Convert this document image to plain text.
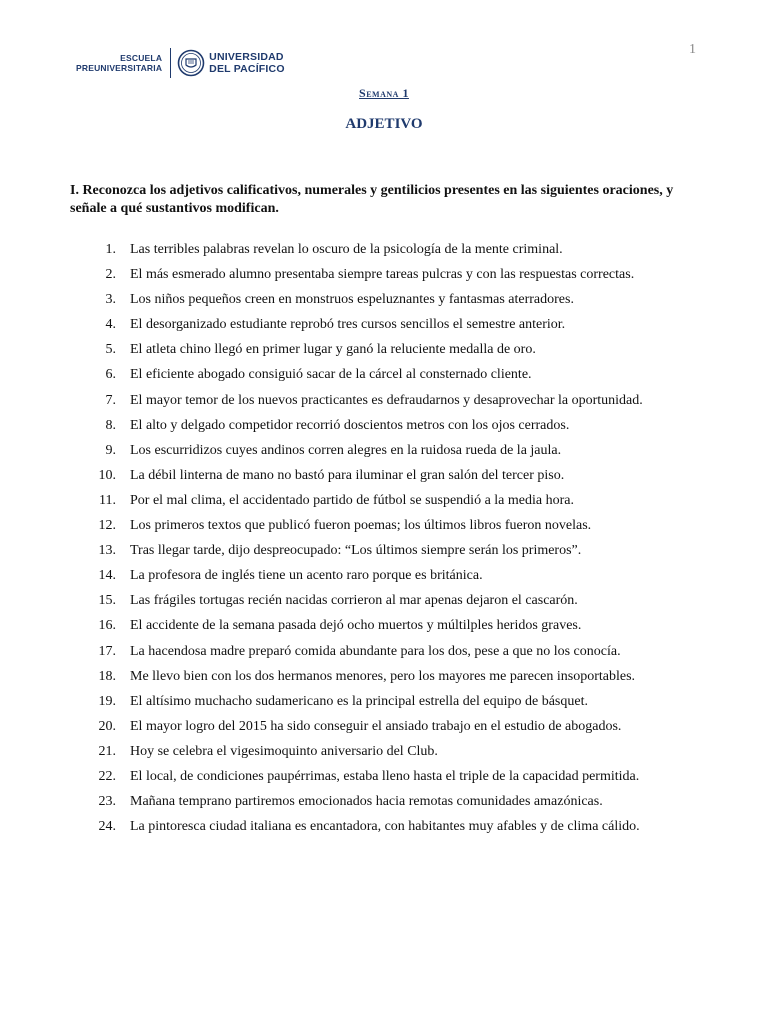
1
ESCUELA
PREUNIVERSITARIA
UNIVERSIDAD
DEL PACÍFICO
Semana 1
ADJETIVO
I. Reconozca los adjetivos calificativos, numerales y gentilicios presentes en las siguientes oraciones, y señale a qué sustantivos modifican.
1.
  Las terribles palabras revelan lo oscuro de la psicología de la mente criminal.
2.
  El más esmerado alumno presentaba siempre tareas pulcras y con las respuestas correctas.
3.
  Los niños pequeños creen en monstruos espeluznantes y fantasmas aterradores.
4.
  El desorganizado estudiante reprobó tres cursos sencillos el semestre anterior.
5.
  El atleta chino llegó en primer lugar y ganó la reluciente medalla de oro.
6.
  El eficiente abogado consiguió sacar de la cárcel al consternado cliente.
7.
  El mayor temor de los nuevos practicantes es defraudarnos y desaprovechar la oportunidad.
8.
  El alto y delgado competidor recorrió doscientos metros con los ojos cerrados.
9.
  Los escurridizos cuyes andinos corren alegres en la ruidosa rueda de la jaula.
10.
  La débil linterna de mano no bastó para iluminar el gran salón del tercer piso.
11.
  Por el mal clima, el accidentado partido de fútbol se suspendió a la media hora.
12.
  Los primeros textos que publicó fueron poemas; los últimos libros fueron novelas.
13.
  Tras llegar tarde, dijo despreocupado: “Los últimos siempre serán los primeros”.
14.
  La profesora de inglés tiene un acento raro porque es británica.
15.
  Las frágiles tortugas recién nacidas corrieron al mar apenas dejaron el cascarón.
16.
  El accidente de la semana pasada dejó ocho muertos y múltilples heridos graves.
17.
  La hacendosa madre preparó comida abundante para los dos, pese a que no los conocía.
18.
  Me llevo bien con los dos hermanos menores, pero los mayores me parecen insoportables.
19.
  El altísimo muchacho sudamericano es la principal estrella del equipo de básquet.
20.
  El mayor logro del 2015 ha sido conseguir el ansiado trabajo en el estudio de abogados.
21.
  Hoy se celebra el vigesimoquinto aniversario del Club.
22.
  El local, de condiciones paupérrimas, estaba lleno hasta el triple de la capacidad permitida.
23.
  Mañana temprano partiremos emocionados hacia remotas comunidades amazónicas.
24.
  La pintoresca ciudad italiana es encantadora, con habitantes muy afables y de clima cálido.
